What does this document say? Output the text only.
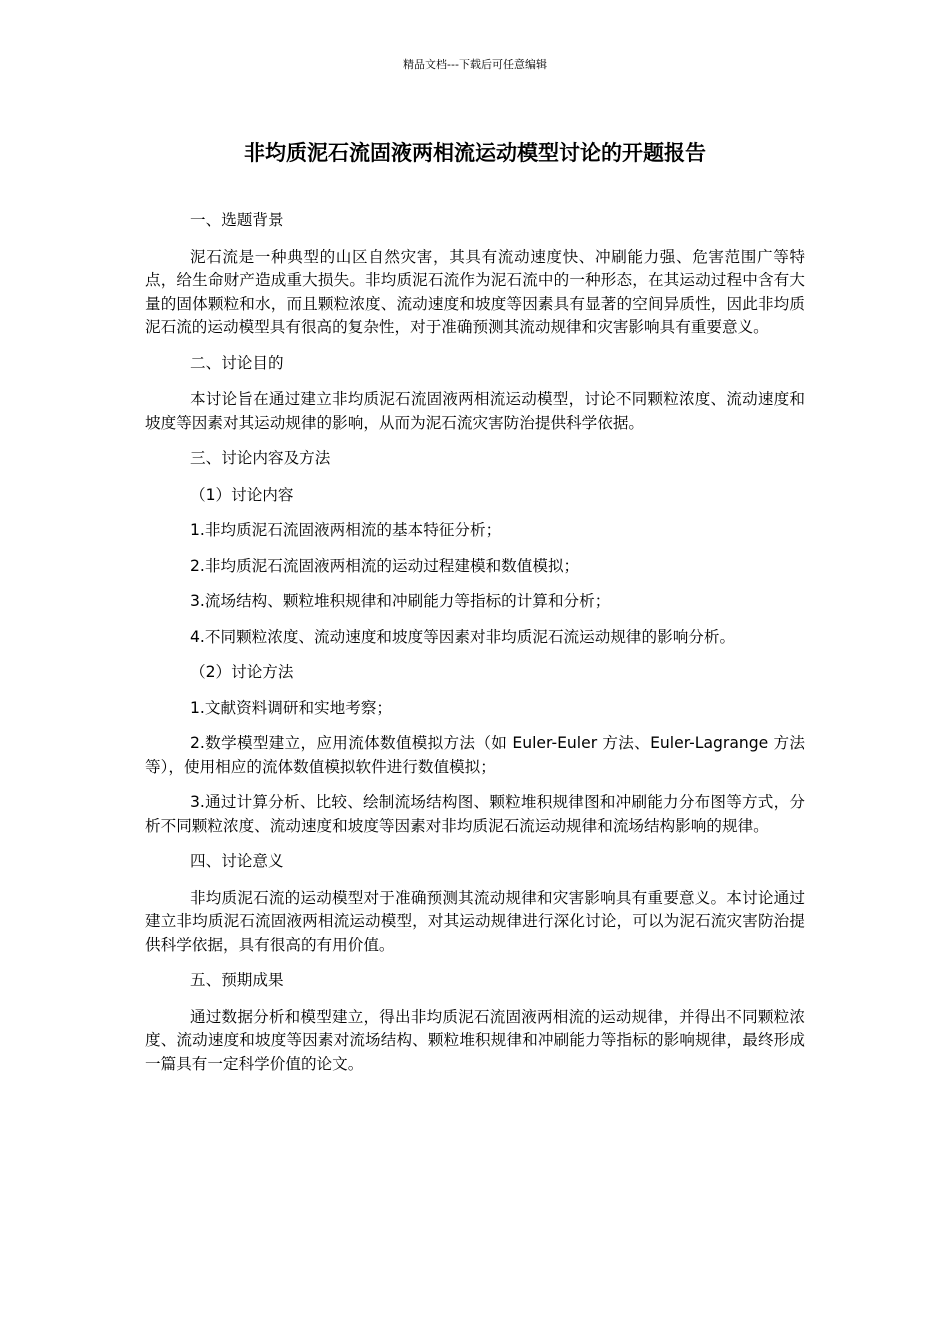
精品文档---下载后可任意编辑
非均质泥石流固液两相流运动模型讨论的开题报告

一、选题背景

泥石流是一种典型的山区自然灾害，其具有流动速度快、冲刷能力强、危害范围广等特点，给生命财产造成重大损失。非均质泥石流作为泥石流中的一种形态，在其运动过程中含有大量的固体颗粒和水，而且颗粒浓度、流动速度和坡度等因素具有显著的空间异质性，因此非均质泥石流的运动模型具有很高的复杂性，对于准确预测其流动规律和灾害影响具有重要意义。

二、讨论目的

本讨论旨在通过建立非均质泥石流固液两相流运动模型，讨论不同颗粒浓度、流动速度和坡度等因素对其运动规律的影响，从而为泥石流灾害防治提供科学依据。

三、讨论内容及方法

（1）讨论内容

1.非均质泥石流固液两相流的基本特征分析；

2.非均质泥石流固液两相流的运动过程建模和数值模拟；

3.流场结构、颗粒堆积规律和冲刷能力等指标的计算和分析；

4.不同颗粒浓度、流动速度和坡度等因素对非均质泥石流运动规律的影响分析。

（2）讨论方法

1.文献资料调研和实地考察；

2.数学模型建立，应用流体数值模拟方法（如 Euler-Euler 方法、Euler-Lagrange 方法等），使用相应的流体数值模拟软件进行数值模拟；

3.通过计算分析、比较、绘制流场结构图、颗粒堆积规律图和冲刷能力分布图等方式，分析不同颗粒浓度、流动速度和坡度等因素对非均质泥石流运动规律和流场结构影响的规律。

四、讨论意义

非均质泥石流的运动模型对于准确预测其流动规律和灾害影响具有重要意义。本讨论通过建立非均质泥石流固液两相流运动模型，对其运动规律进行深化讨论，可以为泥石流灾害防治提供科学依据，具有很高的有用价值。

五、预期成果

通过数据分析和模型建立，得出非均质泥石流固液两相流的运动规律，并得出不同颗粒浓度、流动速度和坡度等因素对流场结构、颗粒堆积规律和冲刷能力等指标的影响规律，最终形成一篇具有一定科学价值的论文。
